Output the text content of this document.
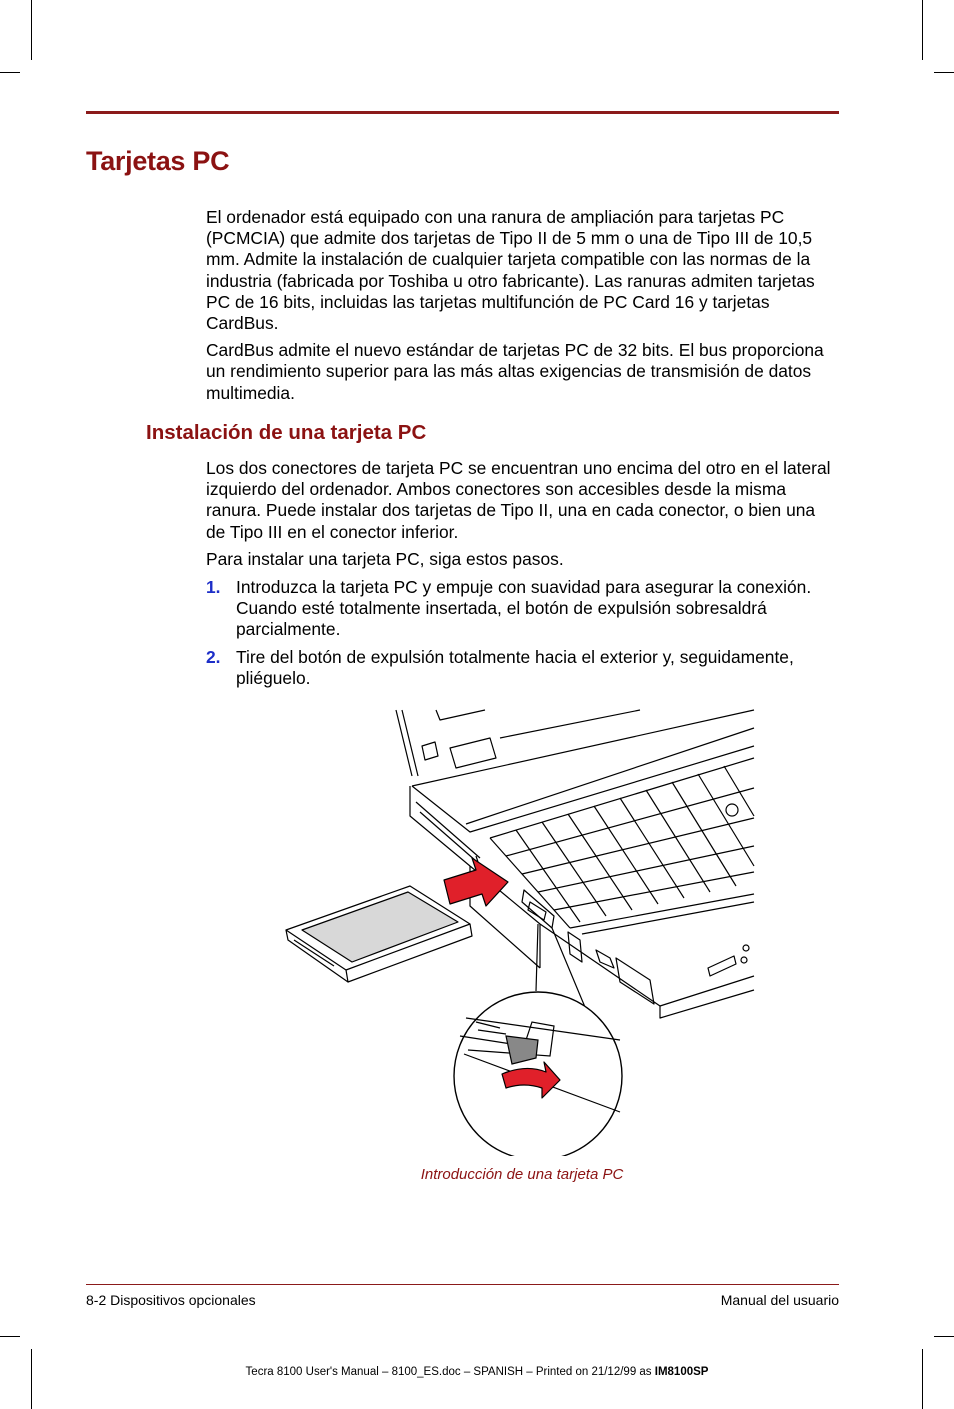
Tarjetas PC

El ordenador está equipado con una ranura de ampliación para tarjetas PC (PCMCIA) que admite dos tarjetas de Tipo II de 5 mm o una de Tipo III de 10,5 mm. Admite la instalación de cualquier tarjeta compatible con las normas de la industria (fabricada por Toshiba u otro fabricante). Las ranuras admiten tarjetas PC de 16 bits, incluidas las tarjetas multifunción de PC Card 16 y tarjetas CardBus.

CardBus admite el nuevo estándar de tarjetas PC de 32 bits. El bus proporciona un rendimiento superior para las más altas exigencias de transmisión de datos multimedia.

Instalación de una tarjeta PC

Los dos conectores de tarjeta PC se encuentran uno encima del otro en el lateral izquierdo del ordenador. Ambos conectores son accesibles desde la misma ranura. Puede instalar dos tarjetas de Tipo II, una en cada conector, o bien una de Tipo III en el conector inferior.

Para instalar una tarjeta PC, siga estos pasos.

1. Introduzca la tarjeta PC y empuje con suavidad para asegurar la conexión. Cuando esté totalmente insertada, el botón de expulsión sobresaldrá parcialmente.
2. Tire del botón de expulsión totalmente hacia el exterior y, seguidamente, pliéguelo.
Introducción de una tarjeta PC
8-2 Dispositivos opcionales	Manual del usuario
Tecra 8100 User's Manual – 8100_ES.doc – SPANISH – Printed on 21/12/99 as IM8100SP
